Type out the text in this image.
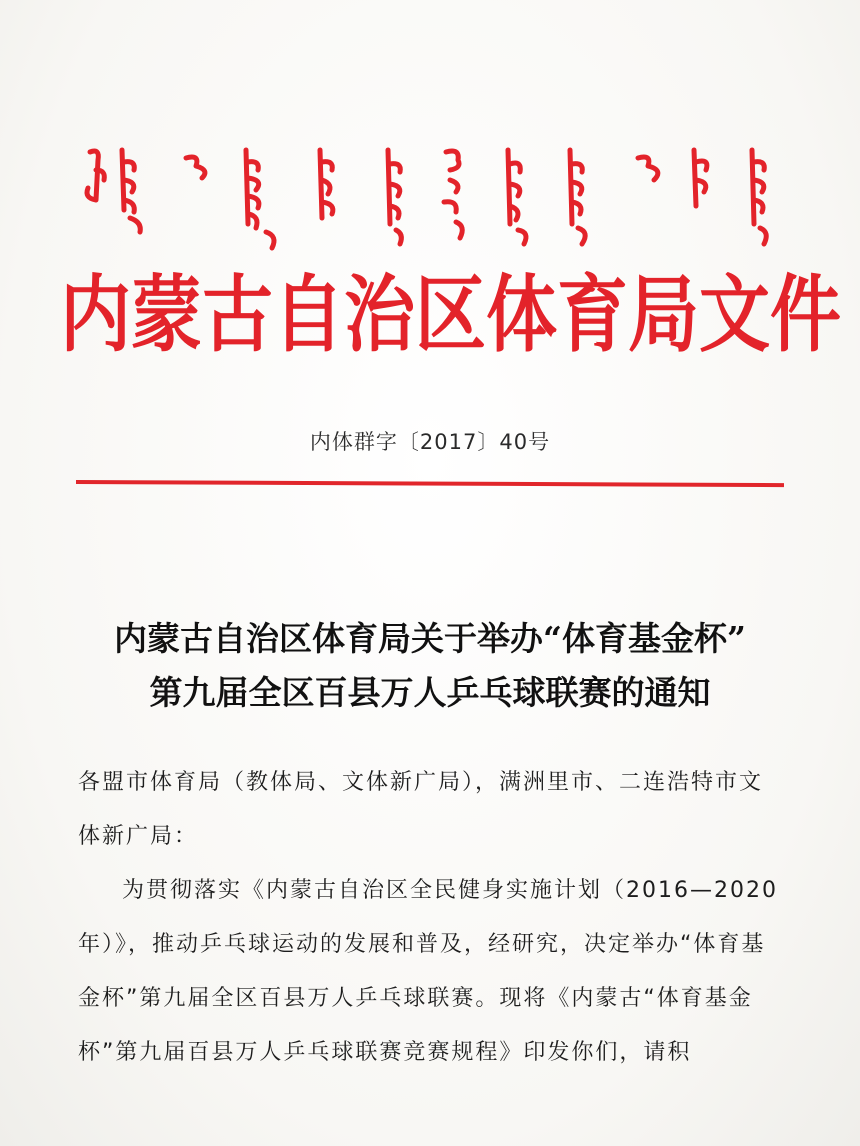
内蒙古自治区体育局文件
内体群字〔2017〕40号
内蒙古自治区体育局关于举办“体育基金杯”
第九届全区百县万人乒乓球联赛的通知

各盟市体育局（教体局、文体新广局），满洲里市、二连浩特市文体新广局：

为贯彻落实《内蒙古自治区全民健身实施计划（2016—2020年）》，推动乒乓球运动的发展和普及，经研究，决定举办“体育基金杯”第九届全区百县万人乒乓球联赛。现将《内蒙古“体育基金杯”第九届百县万人乒乓球联赛竞赛规程》印发你们，请积
